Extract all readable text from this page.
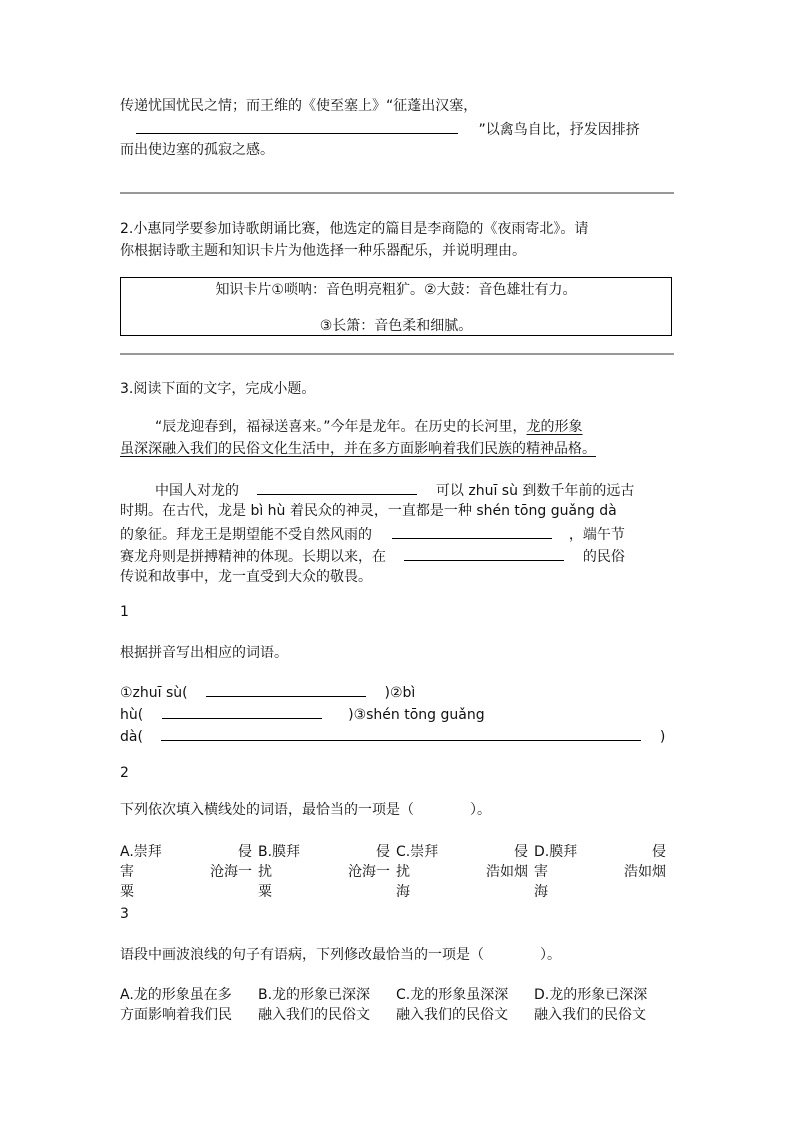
传递忧国忧民之情；而王维的《使至塞上》“征蓬出汉塞，
”以禽鸟自比，抒发因排挤
而出使边塞的孤寂之感。
2.小惠同学要参加诗歌朗诵比赛，他选定的篇目是李商隐的《夜雨寄北》。请
你根据诗歌主题和知识卡片为他选择一种乐器配乐，并说明理由。
知识卡片①唢呐：音色明亮粗犷。②大鼓：音色雄壮有力。
③长箫：音色柔和细腻。
3.阅读下面的文字，完成小题。
“辰龙迎春到，福禄送喜来。”今年是龙年。在历史的长河里，龙的形象
虽深深融入我们的民俗文化生活中，并在多方面影响着我们民族的精神品格。
中国人对龙的	可以 zhuī sù 到数千年前的远古
时期。在古代，龙是 bì hù 着民众的神灵，一直都是一种 shén tōng guǎng dà
的象征。拜龙王是期望能不受自然风雨的	，端午节
赛龙舟则是拼搏精神的体现。长期以来，在	的民俗
传说和故事中，龙一直受到大众的敬畏。
1
根据拼音写出相应的词语。
①zhuī sù(	)②bì
hù(	)③shén tōng guǎng
dà(	)
2
下列依次填入横线处的词语，最恰当的一项是（　　　　）。
A.崇拜	侵
害	沧海一
粟
B.膜拜	侵
扰	沧海一
粟
C.崇拜	侵
扰	浩如烟
海
D.膜拜	侵
害	浩如烟
海
3
语段中画波浪线的句子有语病，下列修改最恰当的一项是（　　　　）。
A.龙的形象虽在多
方面影响着我们民
B.龙的形象已深深
融入我们的民俗文
C.龙的形象虽深深
融入我们的民俗文
D.龙的形象已深深
融入我们的民俗文
